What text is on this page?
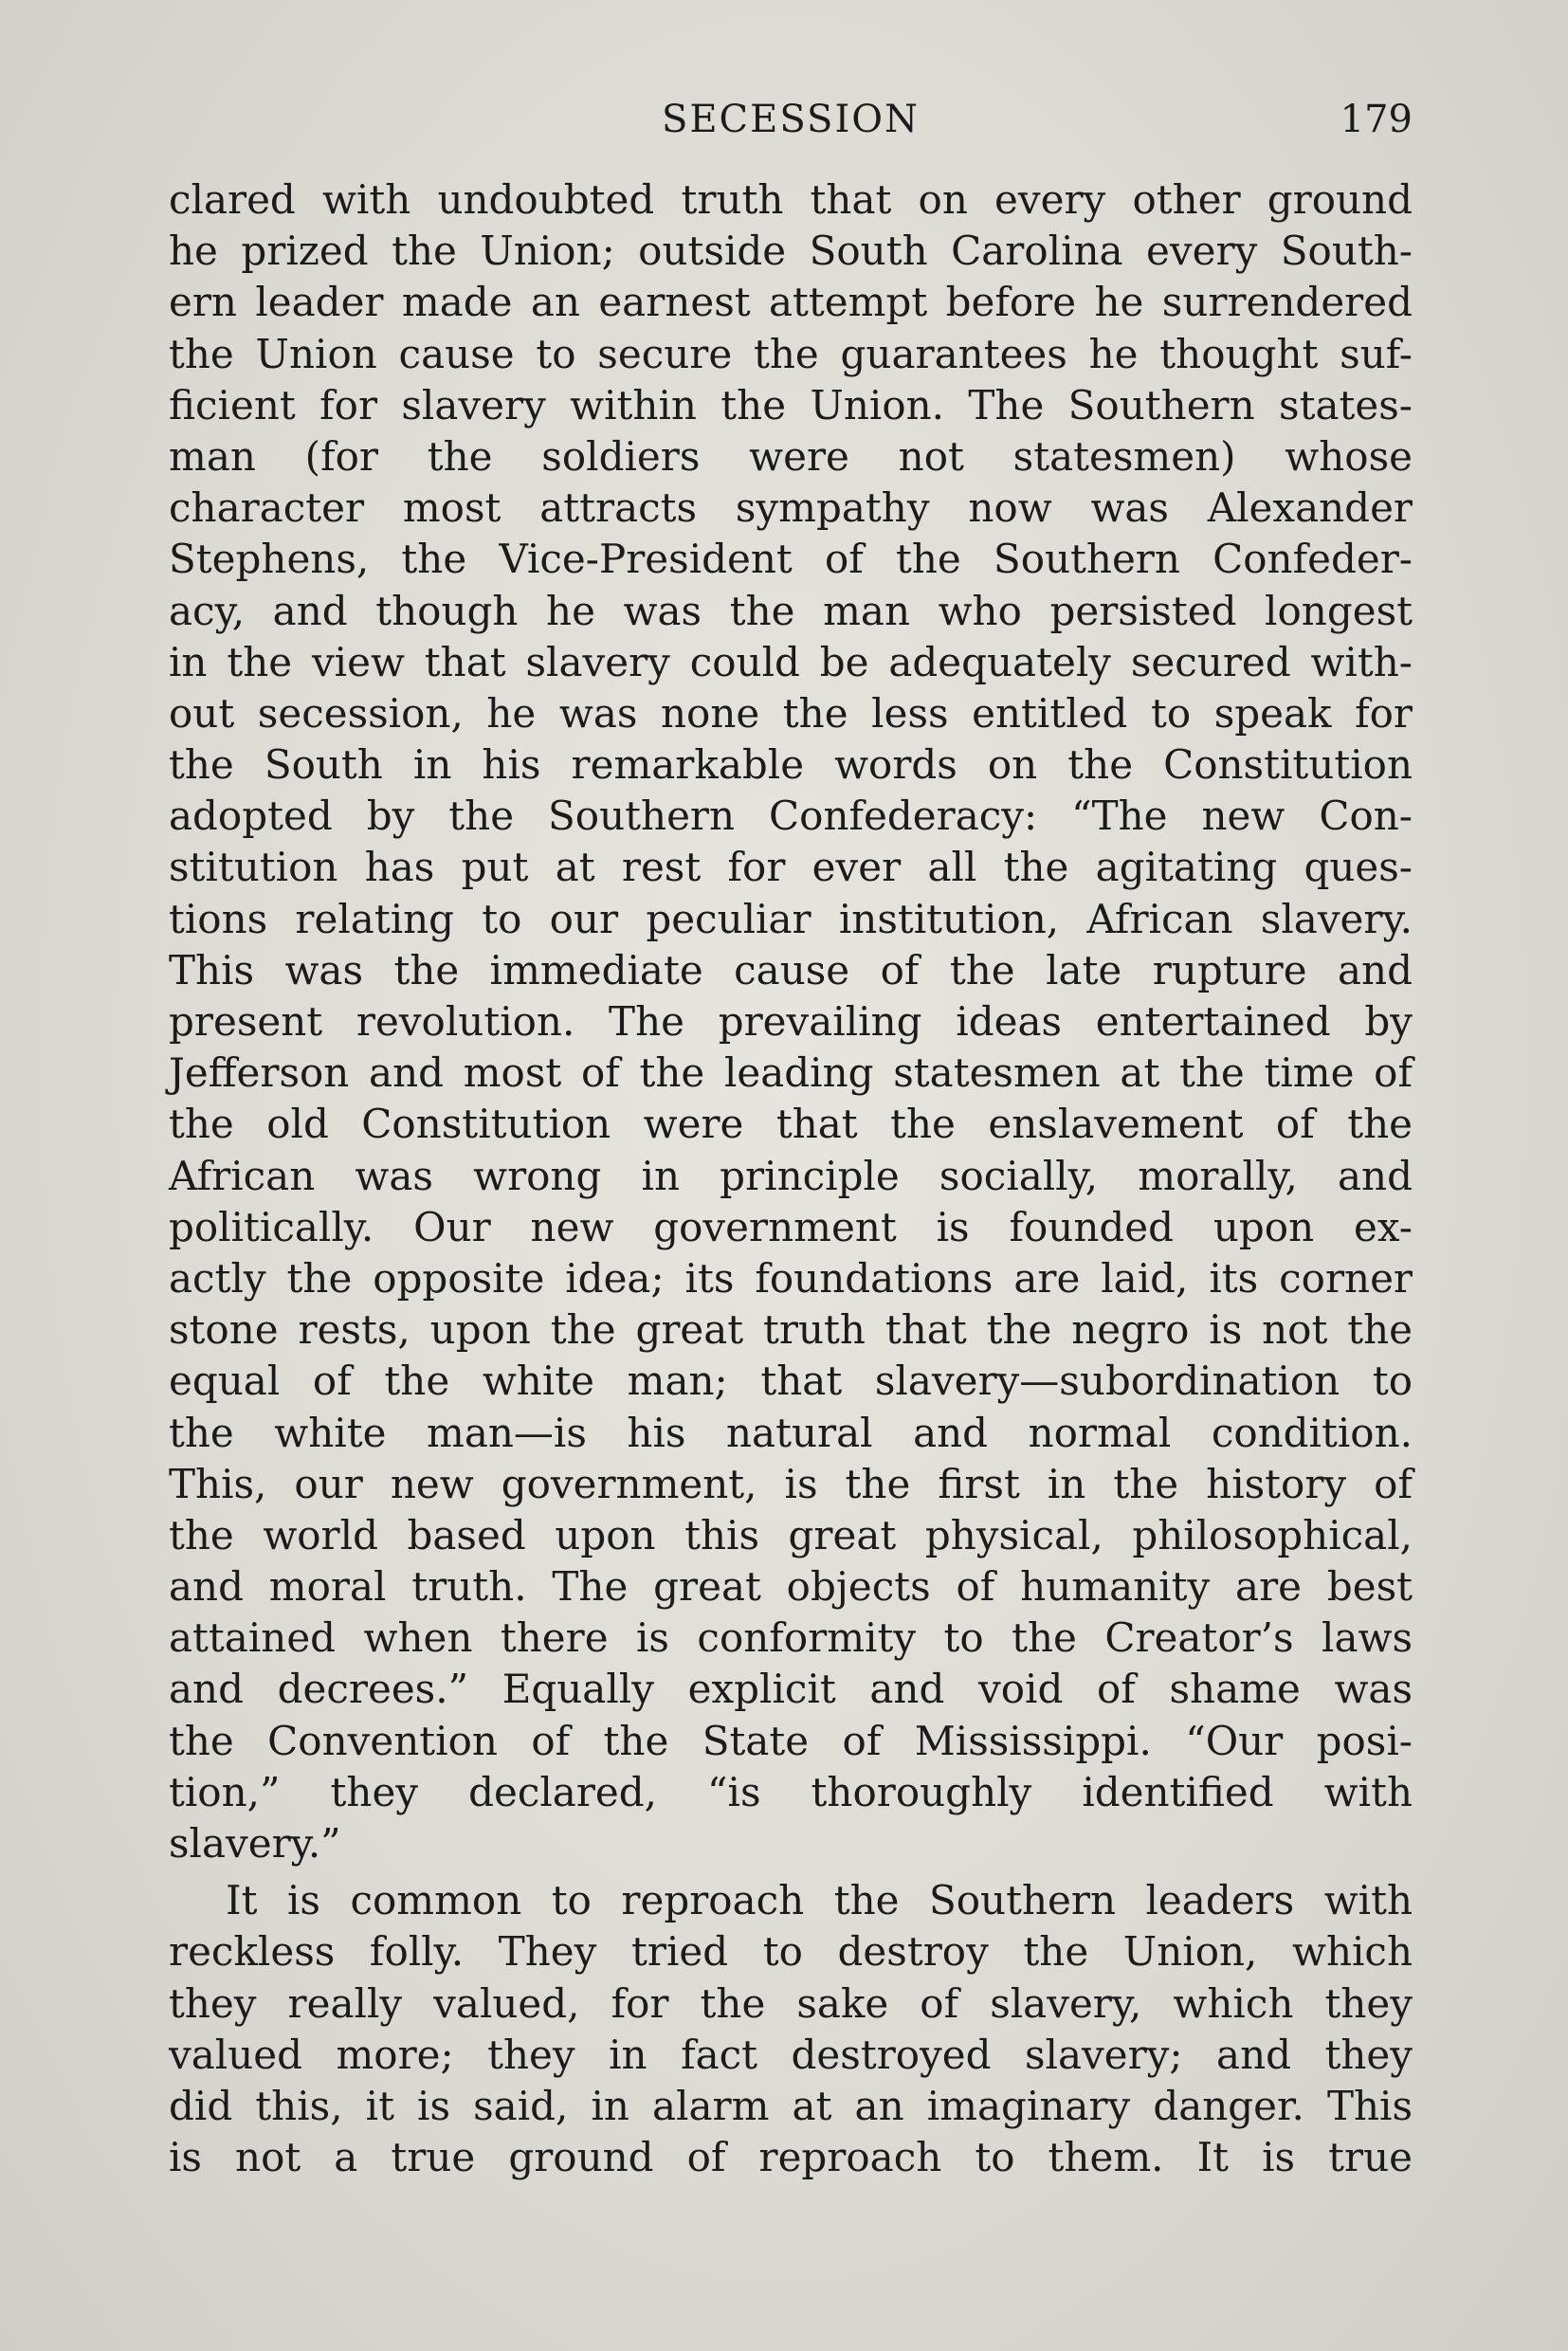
SECESSION	179
clared with undoubted truth that on every other ground
he prized the Union; outside South Carolina every South-
ern leader made an earnest attempt before he surrendered
the Union cause to secure the guarantees he thought suf-
ficient for slavery within the Union. The Southern states-
man (for the soldiers were not statesmen) whose
character most attracts sympathy now was Alexander
Stephens, the Vice-President of the Southern Confeder-
acy, and though he was the man who persisted longest
in the view that slavery could be adequately secured with-
out secession, he was none the less entitled to speak for
the South in his remarkable words on the Constitution
adopted by the Southern Confederacy: “The new Con-
stitution has put at rest for ever all the agitating ques-
tions relating to our peculiar institution, African slavery.
This was the immediate cause of the late rupture and
present revolution. The prevailing ideas entertained by
Jefferson and most of the leading statesmen at the time of
the old Constitution were that the enslavement of the
African was wrong in principle socially, morally, and
politically. Our new government is founded upon ex-
actly the opposite idea; its foundations are laid, its corner
stone rests, upon the great truth that the negro is not the
equal of the white man; that slavery—subordination to
the white man—is his natural and normal condition.
This, our new government, is the first in the history of
the world based upon this great physical, philosophical,
and moral truth. The great objects of humanity are best
attained when there is conformity to the Creator’s laws
and decrees.” Equally explicit and void of shame was
the Convention of the State of Mississippi. “Our posi-
tion,” they declared, “is thoroughly identified with
slavery.”
It is common to reproach the Southern leaders with
reckless folly. They tried to destroy the Union, which
they really valued, for the sake of slavery, which they
valued more; they in fact destroyed slavery; and they
did this, it is said, in alarm at an imaginary danger. This
is not a true ground of reproach to them. It is true
